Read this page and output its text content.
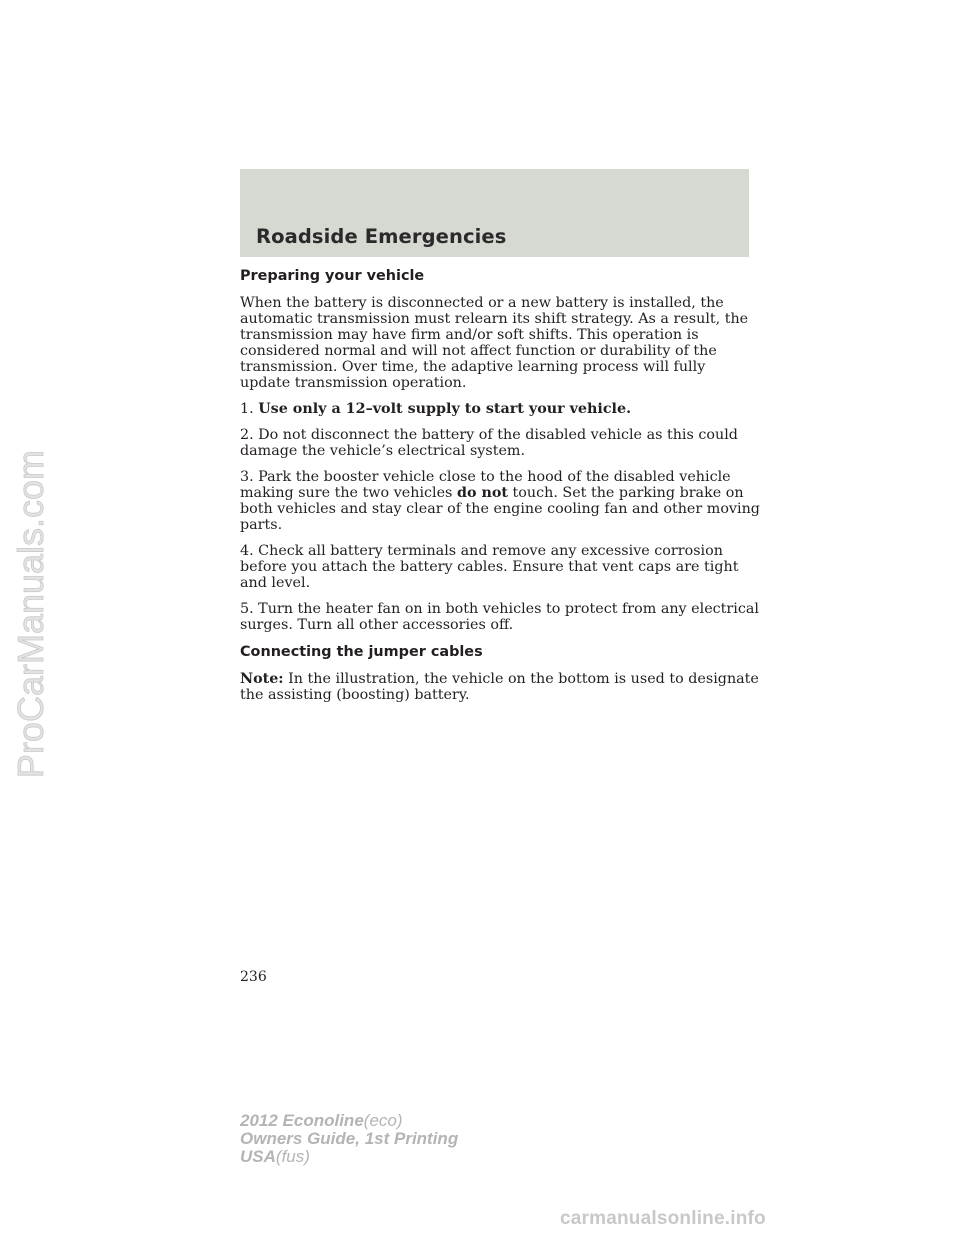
Roadside Emergencies
Preparing your vehicle

When the battery is disconnected or a new battery is installed, the automatic transmission must relearn its shift strategy. As a result, the transmission may have firm and/or soft shifts. This operation is considered normal and will not affect function or durability of the transmission. Over time, the adaptive learning process will fully update transmission operation.

1. Use only a 12–volt supply to start your vehicle.

2. Do not disconnect the battery of the disabled vehicle as this could damage the vehicle’s electrical system.

3. Park the booster vehicle close to the hood of the disabled vehicle making sure the two vehicles do not touch. Set the parking brake on both vehicles and stay clear of the engine cooling fan and other moving parts.

4. Check all battery terminals and remove any excessive corrosion before you attach the battery cables. Ensure that vent caps are tight and level.

5. Turn the heater fan on in both vehicles to protect from any electrical surges. Turn all other accessories off.

Connecting the jumper cables

Note: In the illustration, the vehicle on the bottom is used to designate the assisting (boosting) battery.

236
ProCarManuals.com
2012 Econoline(eco)
Owners Guide, 1st Printing
USA(fus)
carmanualsonline.info
